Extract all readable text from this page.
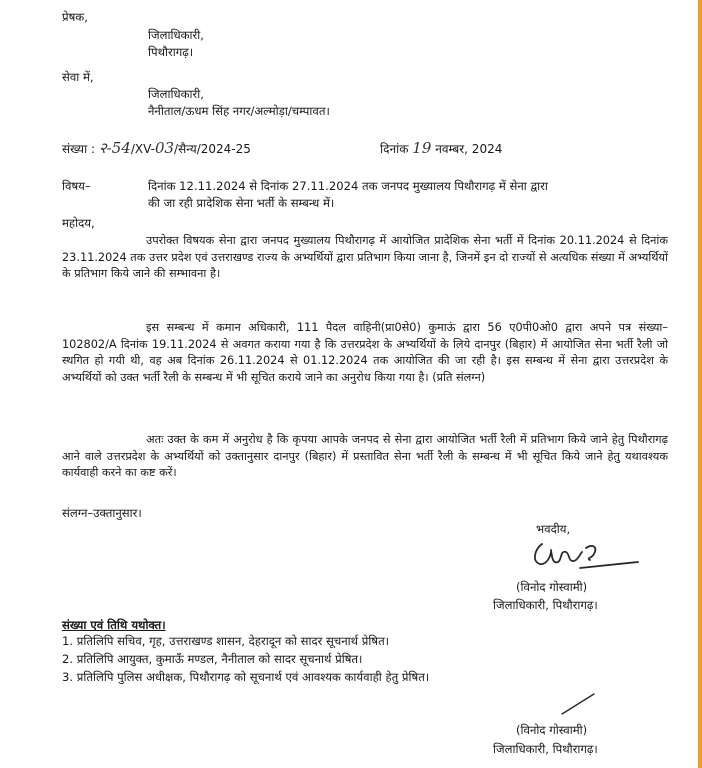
प्रेषक,
जिलाधिकारी,
पिथौरागढ़।
सेवा में,
जिलाधिकारी,
नैनीताल/ऊधम सिंह नगर/अल्मोड़ा/चम्पावत।
संख्या : २-54/XV-03/सैन्य/2024-25	दिनांक 19 नवम्बर, 2024
विषय–	दिनांक 12.11.2024 से दिनांक 27.11.2024 तक जनपद मुख्यालय पिथौरागढ़ में सेना द्वारा
की जा रही प्रादेशिक सेना भर्ती के सम्बन्ध में।
महोदय,
उपरोक्त विषयक सेना द्वारा जनपद मुख्यालय पिथौरागढ़ में आयोजित प्रादेशिक सेना भर्ती में दिनांक 20.11.2024 से दिनांक 23.11.2024 तक उत्तर प्रदेश एवं उत्तराखण्ड राज्य के अभ्यर्थियों द्वारा प्रतिभाग किया जाना है, जिनमें इन दो राज्यों से अत्यधिक संख्या में अभ्यर्थियों के प्रतिभाग किये जाने की सम्भावना है।
इस सम्बन्ध में कमान अधिकारी, 111 पैदल वाहिनी(प्रा0से0) कुमाऊं द्वारा 56 ए0पी0ओ0 द्वारा अपने पत्र संख्या– 102802/A दिनांक 19.11.2024 से अवगत कराया गया है कि उत्तरप्रदेश के अभ्यर्थियों के लिये दानपुर (बिहार) में आयोजित सेना भर्ती रैली जो स्थगित हो गयी थी, वह अब दिनांक 26.11.2024 से 01.12.2024 तक आयोजित की जा रही है। इस सम्बन्ध में सेना द्वारा उत्तरप्रदेश के अभ्यर्थियों को उक्त भर्ती रैली के सम्बन्ध में भी सूचित कराये जाने का अनुरोध किया गया है। (प्रति संलग्न)
अतः उक्त के कम में अनुरोध है कि कृपया आपके जनपद से सेना द्वारा आयोजित भर्ती रैली में प्रतिभाग किये जाने हेतु पिथौरागढ़ आने वाले उत्तरप्रदेश के अभ्यर्थियों को उक्तानुसार दानपुर (बिहार) में प्रस्तावित सेना भर्ती रैली के सम्बन्ध में भी सूचित किये जाने हेतु यथावश्यक कार्यवाही करने का कष्ट करें।
संलग्न–उक्तानुसार।
भवदीय,
(विनोद गोस्वामी)
जिलाधिकारी, पिथौरागढ़।
संख्या एवं तिथि यथोक्त।
1. प्रतिलिपि सचिव, गृह, उत्तराखण्ड शासन, देहरादून को सादर सूचनार्थ प्रेषित।
2. प्रतिलिपि आयुक्त, कुमाऊँ मण्डल, नैनीताल को सादर सूचनार्थ प्रेषित।
3. प्रतिलिपि पुलिस अधीक्षक, पिथौरागढ़ को सूचनार्थ एवं आवश्यक कार्यवाही हेतु प्रेषित।
(विनोद गोस्वामी)
जिलाधिकारी, पिथौरागढ़।
